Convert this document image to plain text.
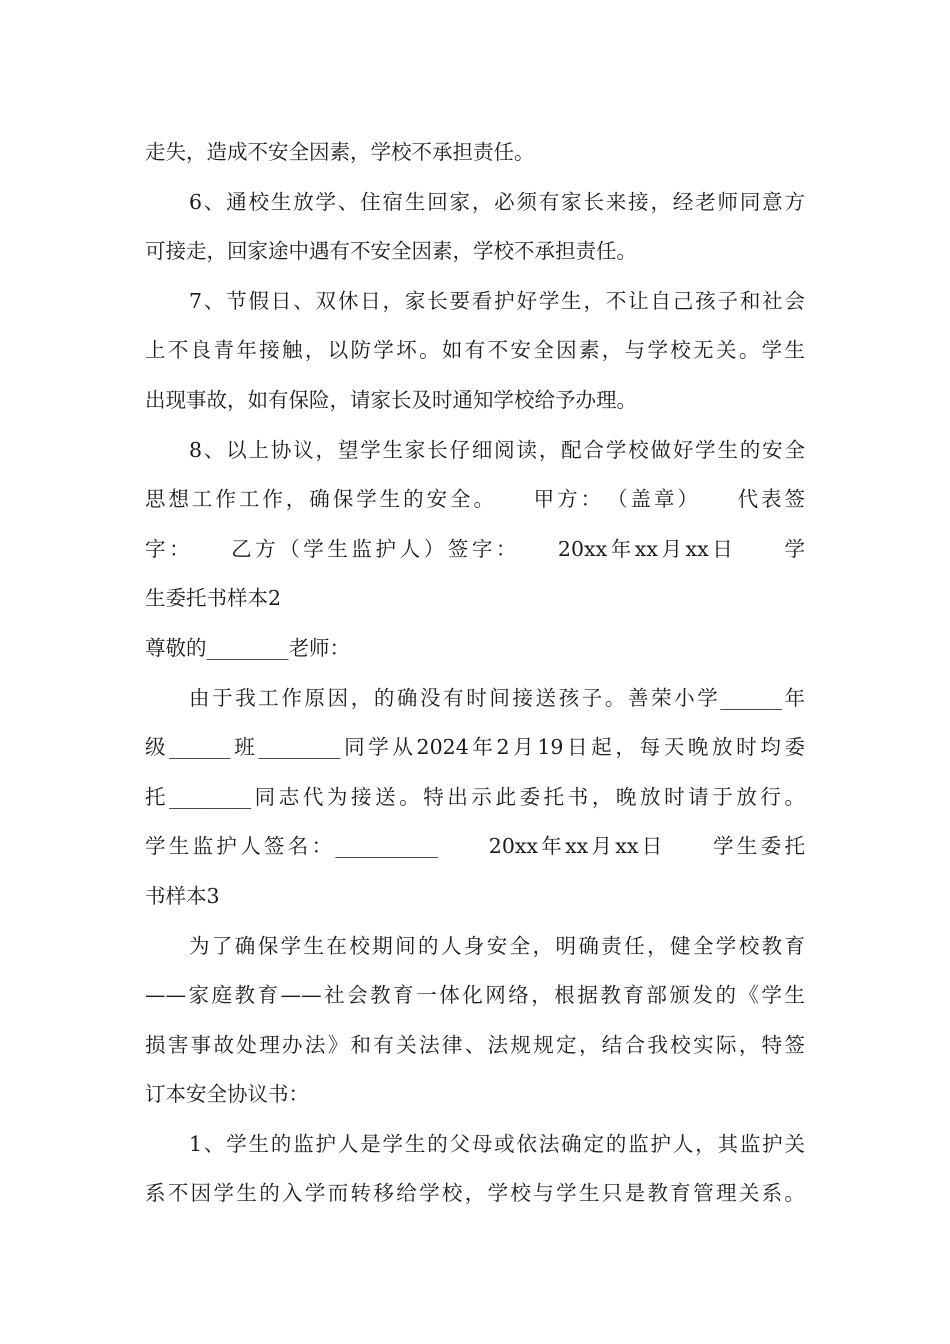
走失，造成不安全因素，学校不承担责任。
6、通校生放学、住宿生回家，必须有家长来接，经老师同意方
可接走，回家途中遇有不安全因素，学校不承担责任。
7、节假日、双休日，家长要看护好学生，不让自己孩子和社会
上不良青年接触，以防学坏。如有不安全因素，与学校无关。学生
出现事故，如有保险，请家长及时通知学校给予办理。
8、以上协议，望学生家长仔细阅读，配合学校做好学生的安全
思想工作工作，确保学生的安全。　　甲方：　（盖章）　　代表签
字：　　乙方（学生监护人）签字：　　20xx年xx月xx日　　学
生委托书样本2
尊敬的________老师：
由于我工作原因，的确没有时间接送孩子。善荣小学______年
级______班________同学从2024年2月19日起，每天晚放时均委
托________同志代为接送。特出示此委托书，晚放时请于放行。
学生监护人签名：__________　　20xx年xx月xx日　　学生委托
书样本3
为了确保学生在校期间的人身安全，明确责任，健全学校教育
——家庭教育——社会教育一体化网络，根据教育部颁发的《学生
损害事故处理办法》和有关法律、法规规定，结合我校实际，特签
订本安全协议书：
1、学生的监护人是学生的父母或依法确定的监护人，其监护关
系不因学生的入学而转移给学校，学校与学生只是教育管理关系。
